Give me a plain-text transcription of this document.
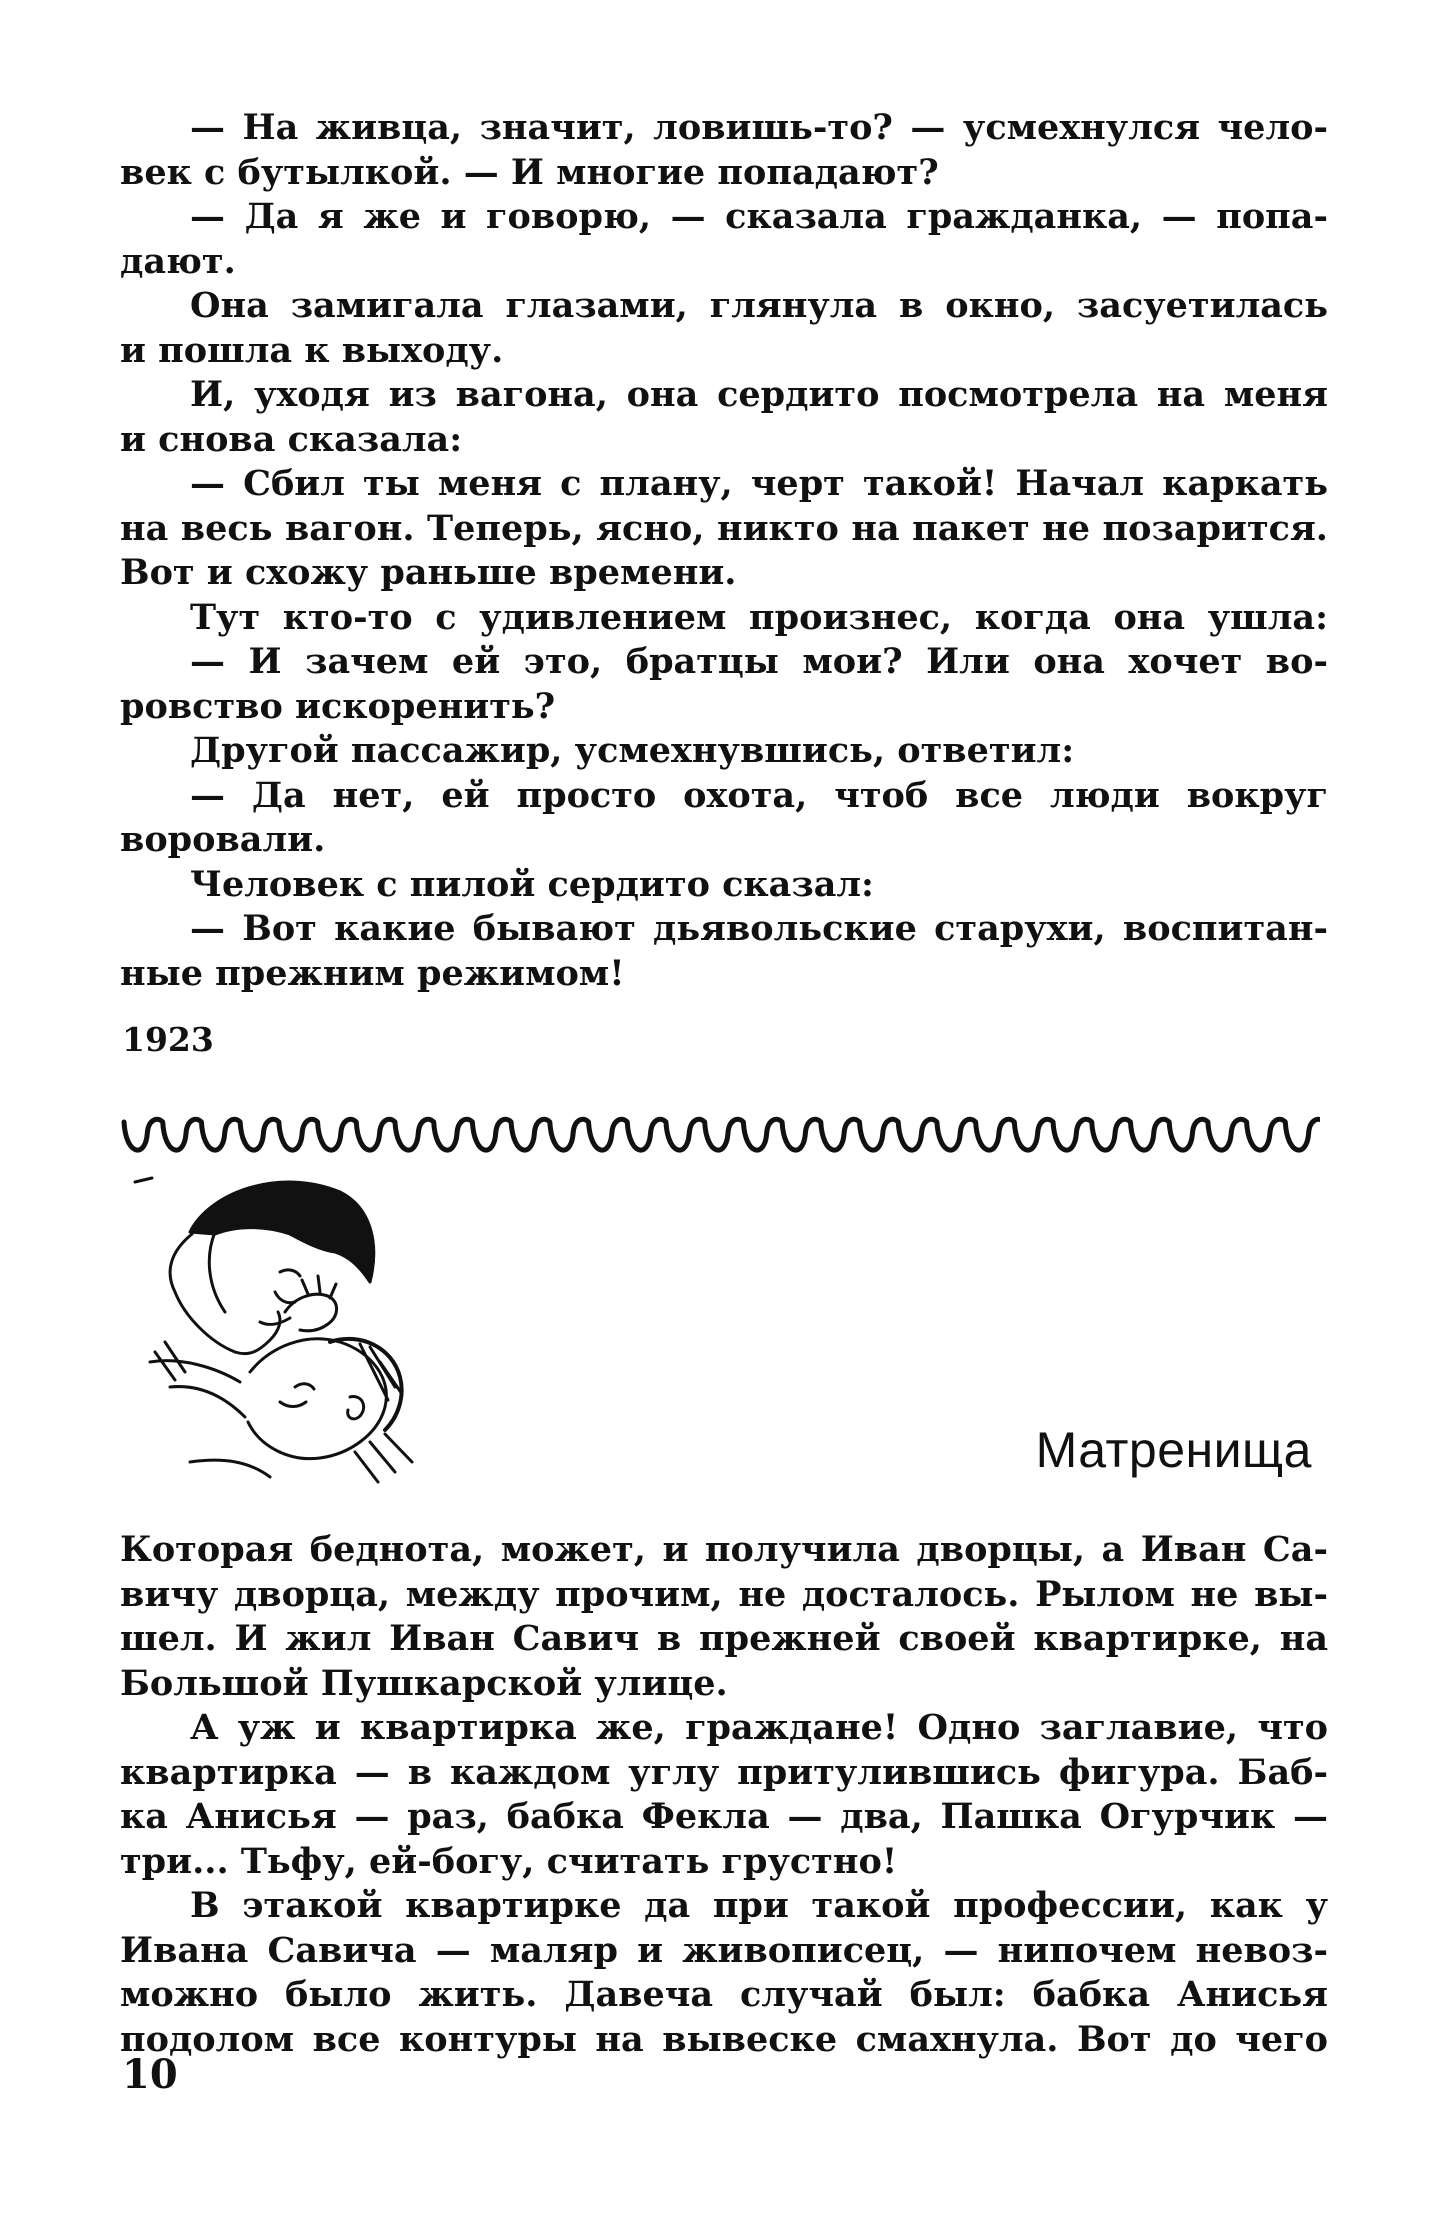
— На живца, значит, ловишь-то? — усмехнулся чело-
век с бутылкой. — И многие попадают?
— Да я же и говорю, — сказала гражданка, — попа-
дают.
Она замигала глазами, глянула в окно, засуетилась
и пошла к выходу.
И, уходя из вагона, она сердито посмотрела на меня
и снова сказала:
— Сбил ты меня с плану, черт такой! Начал каркать
на весь вагон. Теперь, ясно, никто на пакет не позарится.
Вот и схожу раньше времени.
Тут кто-то с удивлением произнес, когда она ушла:
— И зачем ей это, братцы мои? Или она хочет во-
ровство искоренить?
Другой пассажир, усмехнувшись, ответил:
— Да нет, ей просто охота, чтоб все люди вокруг
воровали.
Человек с пилой сердито сказал:
— Вот какие бывают дьявольские старухи, воспитан-
ные прежним режимом!
1923
Матренища
Которая беднота, может, и получила дворцы, а Иван Са-
вичу дворца, между прочим, не досталось. Рылом не вы-
шел. И жил Иван Савич в прежней своей квартирке, на
Большой Пушкарской улице.
А уж и квартирка же, граждане! Одно заглавие, что
квартирка — в каждом углу притулившись фигура. Баб-
ка Анисья — раз, бабка Фекла — два, Пашка Огурчик —
три... Тьфу, ей-богу, считать грустно!
В этакой квартирке да при такой профессии, как у
Ивана Савича — маляр и живописец, — нипочем невоз-
можно было жить. Давеча случай был: бабка Анисья
подолом все контуры на вывеске смахнула. Вот до чего
10
